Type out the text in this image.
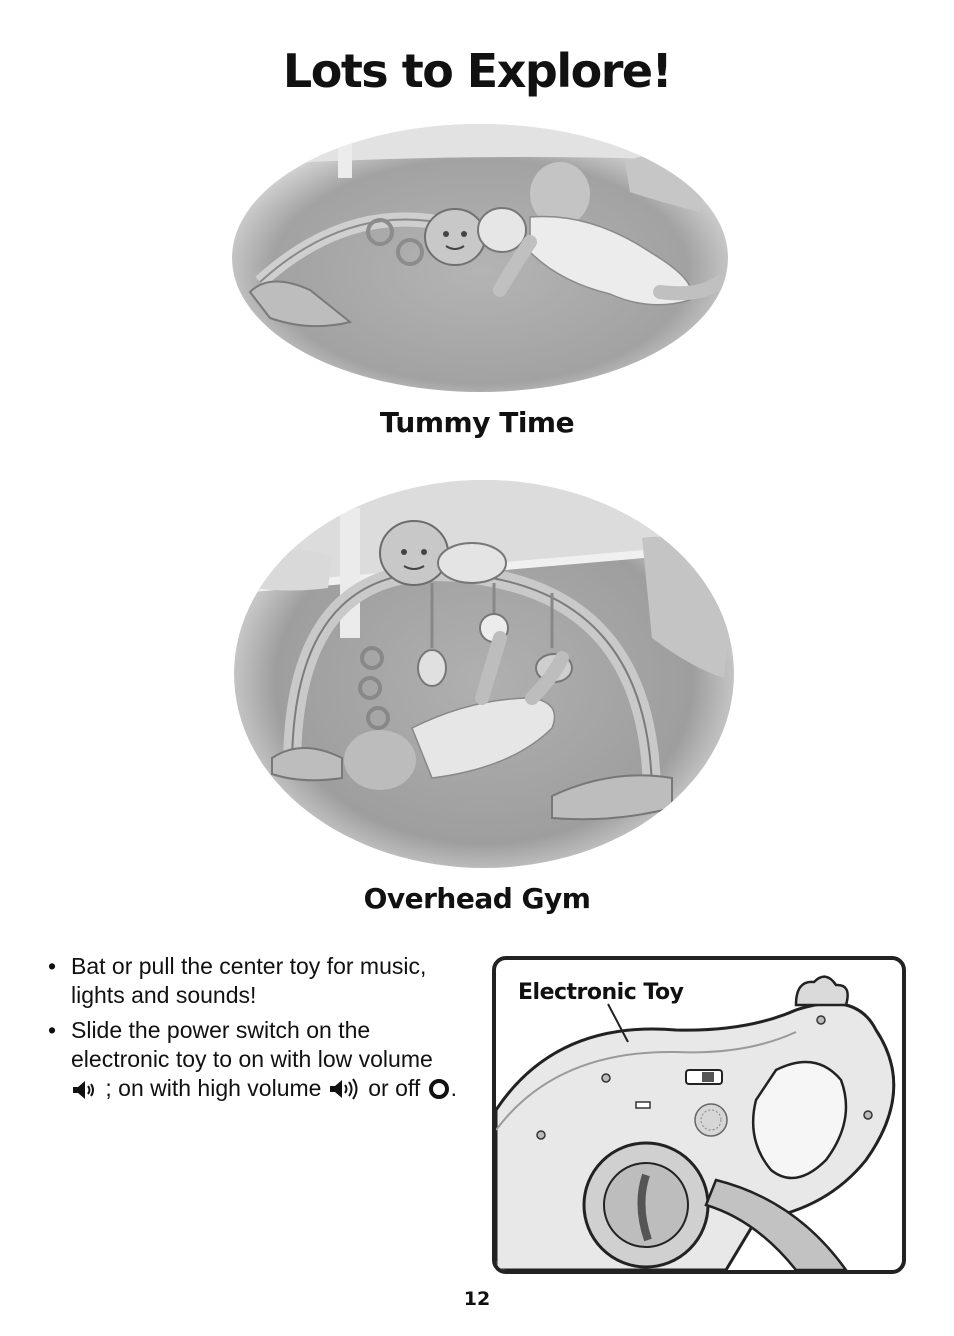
Lots to Explore!
Tummy Time
Overhead Gym
• Bat or pull the center toy for music, lights and sounds!
• Slide the power switch on the electronic toy to on with low volume  ; on with high volume or off .
Electronic Toy
12
